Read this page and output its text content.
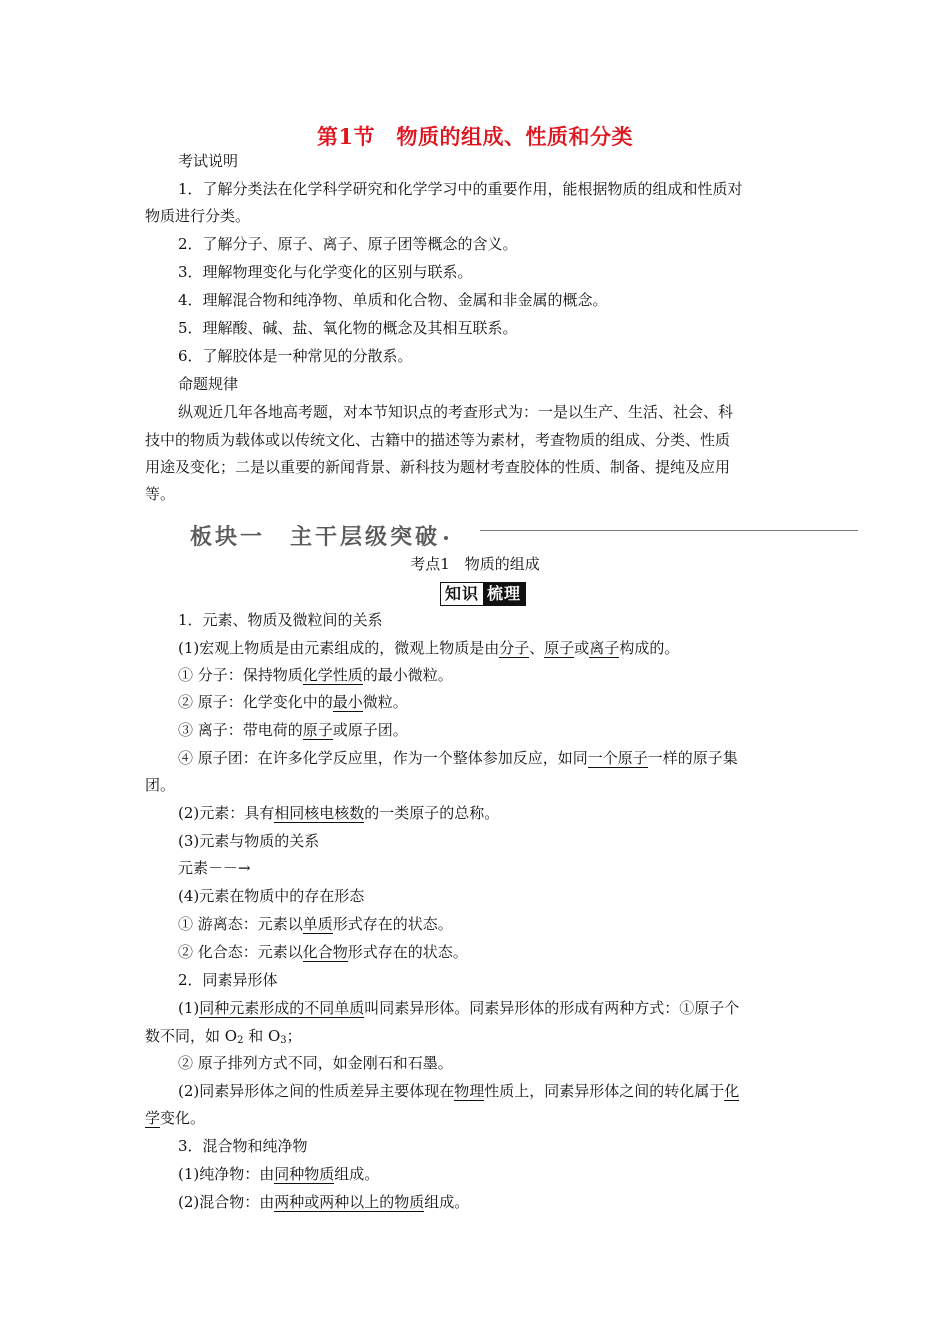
第1节　物质的组成、性质和分类
考试说明
1．了解分类法在化学科学研究和化学学习中的重要作用，能根据物质的组成和性质对
物质进行分类。
2．了解分子、原子、离子、原子团等概念的含义。
3．理解物理变化与化学变化的区别与联系。
4．理解混合物和纯净物、单质和化合物、金属和非金属的概念。
5．理解酸、碱、盐、氧化物的概念及其相互联系。
6．了解胶体是一种常见的分散系。
命题规律
纵观近几年各地高考题，对本节知识点的考查形式为：一是以生产、生活、社会、科
技中的物质为载体或以传统文化、古籍中的描述等为素材，考查物质的组成、分类、性质
用途及变化；二是以重要的新闻背景、新科技为题材考查胶体的性质、制备、提纯及应用
等。
板块一　主干层级突破
考点1　物质的组成
知识 梳理
1．元素、物质及微粒间的关系
(1)宏观上物质是由元素组成的，微观上物质是由分子、原子或离子构成的。
① 分子：保持物质化学性质的最小微粒。
② 原子：化学变化中的最小微粒。
③ 离子：带电荷的原子或原子团。
④ 原子团：在许多化学反应里，作为一个整体参加反应，如同一个原子一样的原子集
团。
(2)元素：具有相同核电核数的一类原子的总称。
(3)元素与物质的关系
元素－－→
(4)元素在物质中的存在形态
① 游离态：元素以单质形式存在的状态。
② 化合态：元素以化合物形式存在的状态。
2．同素异形体
(1)同种元素形成的不同单质叫同素异形体。同素异形体的形成有两种方式：①原子个
数不同，如 $O_2$ 和 $O_3$；
② 原子排列方式不同，如金刚石和石墨。
(2)同素异形体之间的性质差异主要体现在物理性质上，同素异形体之间的转化属于化
学变化。
3．混合物和纯净物
(1)纯净物：由同种物质组成。
(2)混合物：由两种或两种以上的物质组成。
